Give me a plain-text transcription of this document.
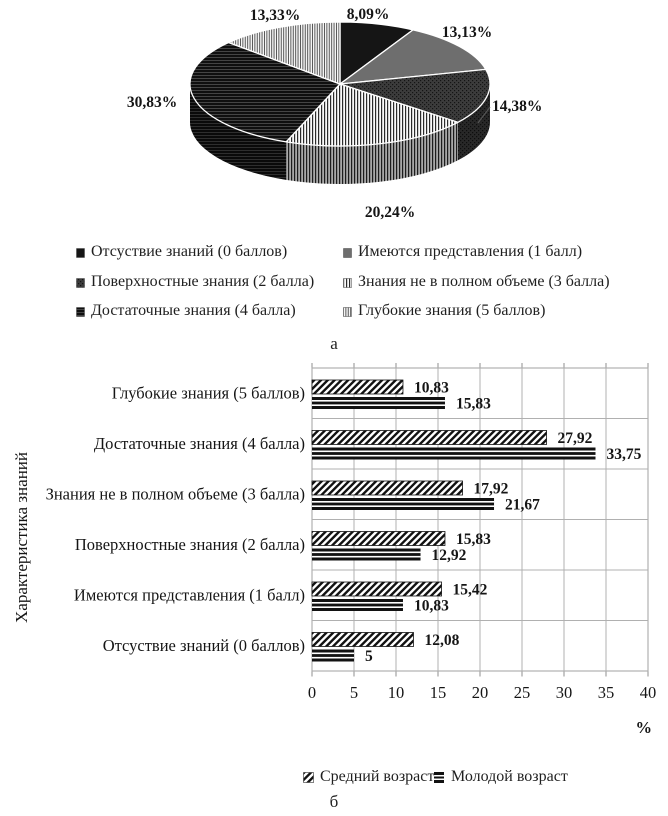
8,09%
13,13%
14,38%
20,24%
30,83%
13,33%
Отсуствие знаний (0 баллов)	Имеются представления (1 балл)
Поверхностные знания (2 балла)	Знания не в полном объеме (3 балла)
Достаточные знания (4 балла)	Глубокие знания (5 баллов)
а
0 5 10 15 20 25 30 35 40
10,83
15,83
Глубокие знания (5 баллов)
27,92
33,75
Достаточные знания (4 балла)
17,92
21,67
Знания не в полном объеме (3 балла)
15,83
12,92
Поверхностные знания (2 балла)
15,42
10,83
Имеются представления (1 балл)
12,08
5
Отсуствие знаний (0 баллов)
Характеристика знаний
%
Средний возраст Молодой возраст
б
